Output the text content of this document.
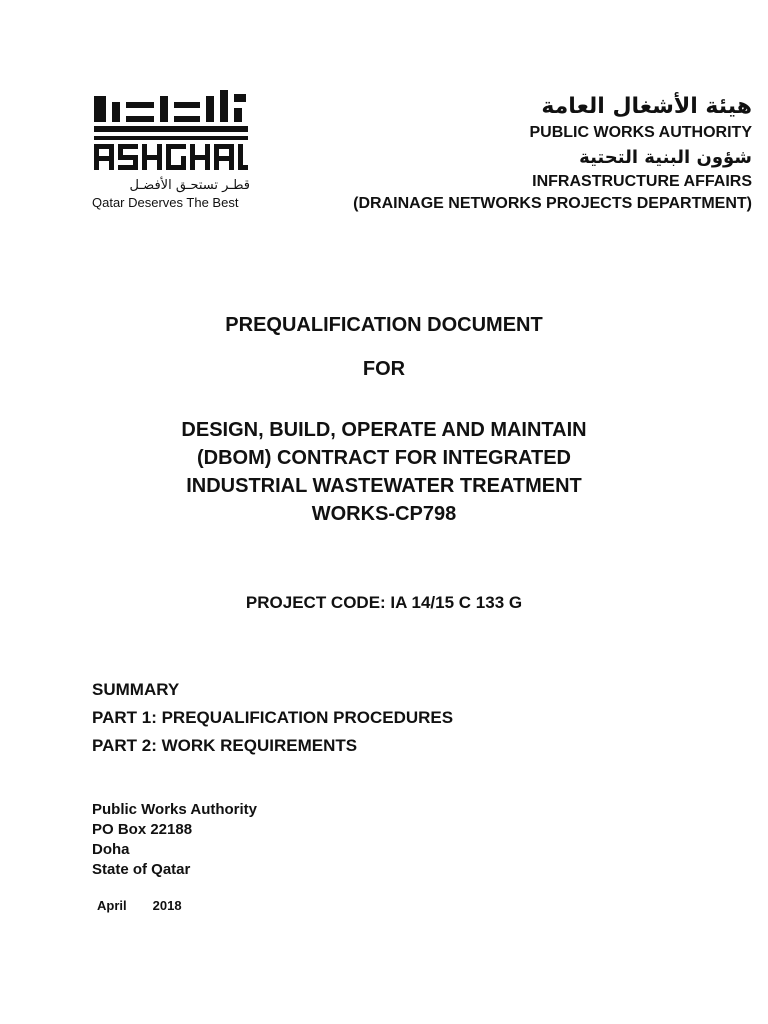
قطـر تستحـق الأفضـل
Qatar Deserves The Best
هيئة الأشغال العامة
PUBLIC WORKS AUTHORITY
شؤون البنية التحتية
INFRASTRUCTURE AFFAIRS
(DRAINAGE NETWORKS PROJECTS DEPARTMENT)
PREQUALIFICATION DOCUMENT
FOR
DESIGN, BUILD, OPERATE AND MAINTAIN
(DBOM) CONTRACT FOR INTEGRATED
INDUSTRIAL WASTEWATER TREATMENT
WORKS-CP798
PROJECT CODE: IA 14/15 C 133 G
SUMMARY
PART 1: PREQUALIFICATION PROCEDURES
PART 2: WORK REQUIREMENTS
Public Works Authority
PO Box 22188
Doha
State of Qatar
April 2018
